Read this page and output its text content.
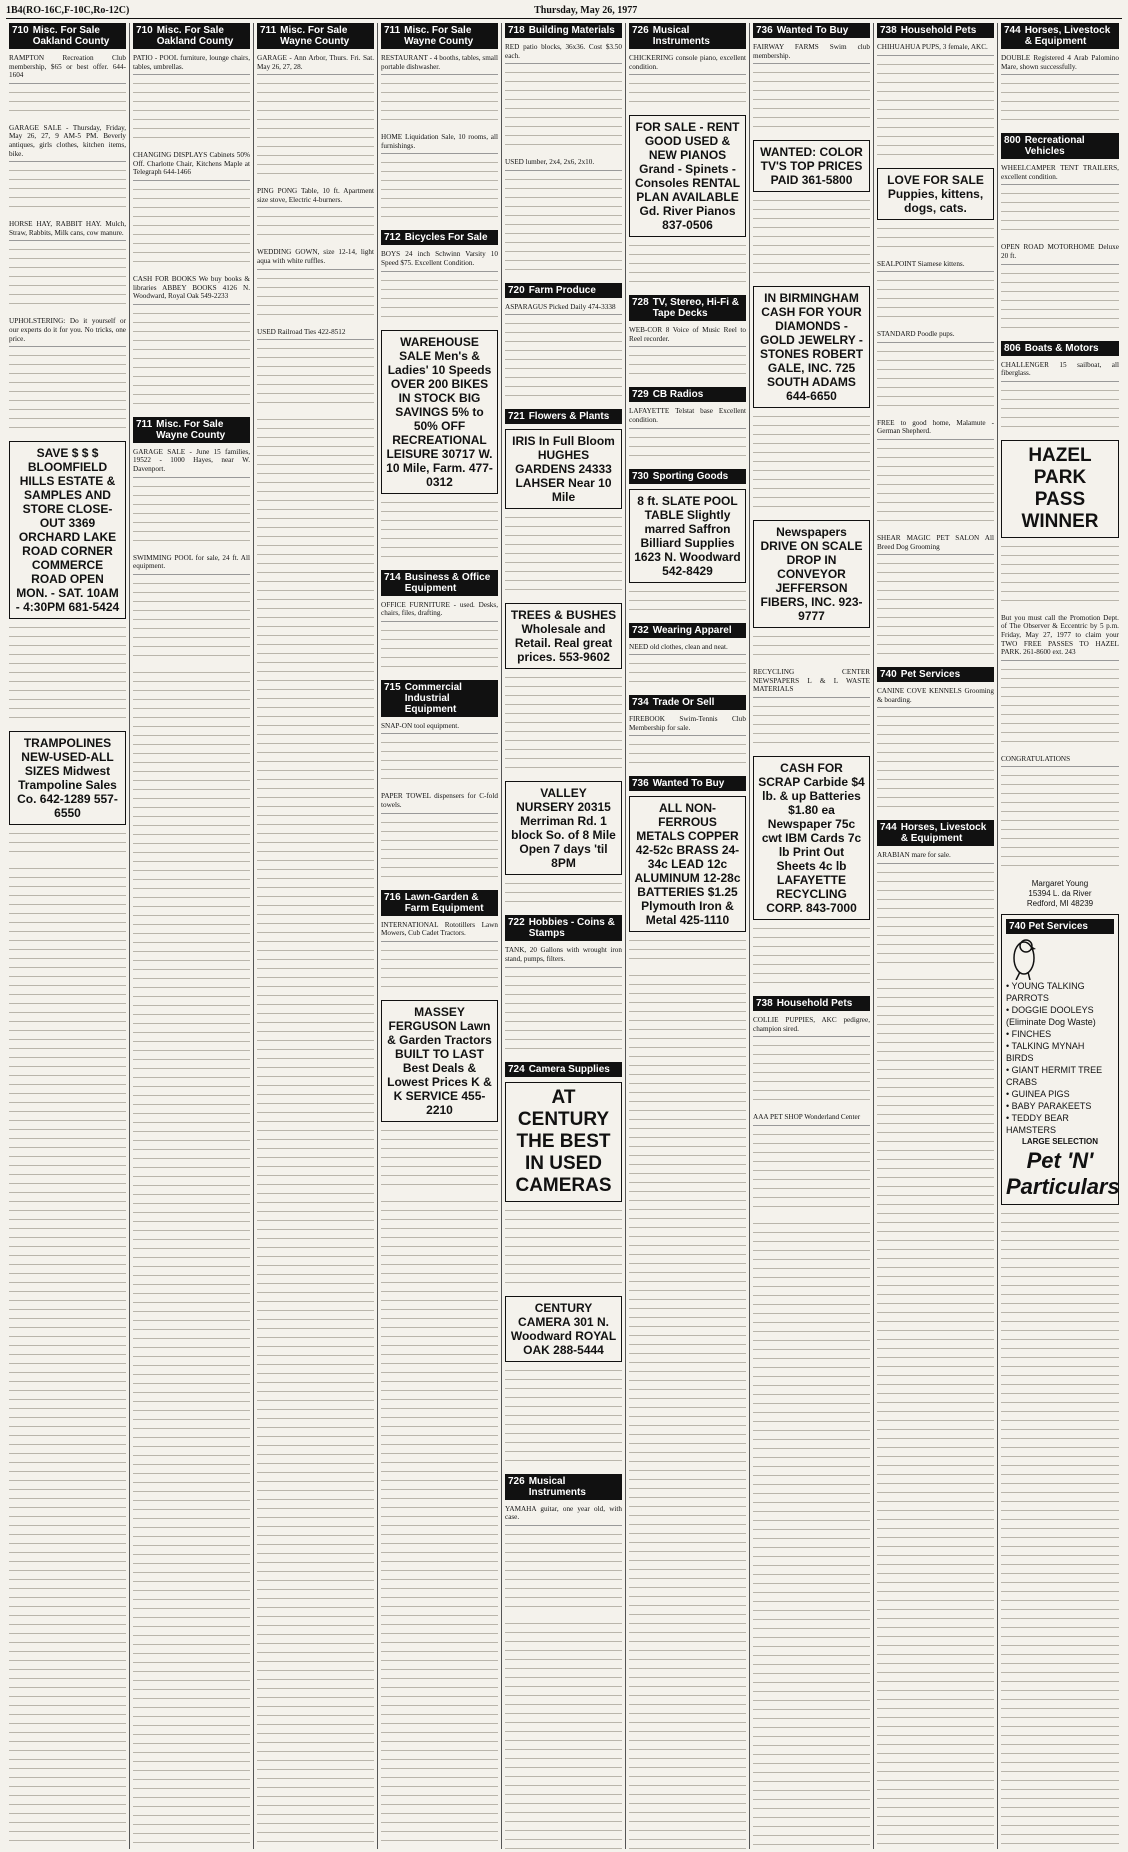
1B4(RO-16C,F-10C,Ro-12C)	Thursday, May 26, 1977
710 Misc. For Sale Oakland County
RAMPTON Recreation Club membership, $65 or best offer. 644-1604
GARAGE SALE - Thursday, Friday, May 26, 27, 9 AM-5 PM. Beverly antiques, girls clothes, kitchen items, bike.
HORSE HAY, RABBIT HAY. Mulch, Straw, Rabbits, Milk cans, cow manure.
UPHOLSTERING: Do it yourself or our experts do it for you. No tricks, one price.
SAVE $ $ $ BLOOMFIELD HILLS ESTATE & SAMPLES AND STORE CLOSE-OUT 3369 ORCHARD LAKE ROAD CORNER COMMERCE ROAD OPEN MON. - SAT. 10AM - 4:30PM 681-5424
TRAMPOLINES NEW-USED-ALL SIZES Midwest Trampoline Sales Co. 642-1289 557-6550
710 Misc. For Sale Oakland County
PATIO - POOL furniture, lounge chairs, tables, umbrellas.
CHANGING DISPLAYS Cabinets 50% Off. Charlotte Chair, Kitchens Maple at Telegraph 644-1466
CASH FOR BOOKS We buy books & libraries ABBEY BOOKS 4126 N. Woodward, Royal Oak 549-2233
711 Misc. For Sale Wayne County
GARAGE SALE - June 15 families, 19522 - 1000 Hayes, near W. Davenport.
SWIMMING POOL for sale, 24 ft. All equipment.
711 Misc. For Sale Wayne County
GARAGE - Ann Arbor, Thurs. Fri. Sat. May 26, 27, 28.
PING PONG Table, 10 ft. Apartment size stove, Electric 4-burners.
WEDDING GOWN, size 12-14, light aqua with white ruffles.
USED Railroad Ties 422-8512
711 Misc. For Sale Wayne County
RESTAURANT - 4 booths, tables, small portable dishwasher.
HOME Liquidation Sale, 10 rooms, all furnishings.
712 Bicycles For Sale
BOYS 24 inch Schwinn Varsity 10 Speed $75. Excellent Condition.
WAREHOUSE SALE Men's & Ladies' 10 Speeds OVER 200 BIKES IN STOCK BIG SAVINGS 5% to 50% OFF RECREATIONAL LEISURE 30717 W. 10 Mile, Farm. 477-0312
714 Business & Office Equipment
OFFICE FURNITURE - used. Desks, chairs, files, drafting.
715 Commercial Industrial Equipment
SNAP-ON tool equipment.
PAPER TOWEL dispensers for C-fold towels.
716 Lawn-Garden & Farm Equipment
INTERNATIONAL Rototillers Lawn Mowers, Cub Cadet Tractors.
MASSEY FERGUSON Lawn & Garden Tractors BUILT TO LAST Best Deals & Lowest Prices K & K SERVICE 455-2210
718 Building Materials
RED patio blocks, 36x36. Cost $3.50 each.
USED lumber, 2x4, 2x6, 2x10.
720 Farm Produce
ASPARAGUS Picked Daily 474-3338
721 Flowers & Plants
IRIS In Full Bloom HUGHES GARDENS 24333 LAHSER Near 10 Mile
TREES & BUSHES Wholesale and Retail. Real great prices. 553-9602
VALLEY NURSERY 20315 Merriman Rd. 1 block So. of 8 Mile Open 7 days 'til 8PM
722 Hobbies - Coins & Stamps
TANK, 20 Gallons with wrought iron stand, pumps, filters.
724 Camera Supplies
AT CENTURY THE BEST IN USED CAMERAS
CENTURY CAMERA 301 N. Woodward ROYAL OAK 288-5444
726 Musical Instruments
YAMAHA guitar, one year old, with case.
726 Musical Instruments
CHICKERING console piano, excellent condition.
FOR SALE - RENT GOOD USED & NEW PIANOS Grand - Spinets - Consoles RENTAL PLAN AVAILABLE Gd. River Pianos 837-0506
728 TV, Stereo, Hi-Fi & Tape Decks
WEB-COR 8 Voice of Music Reel to Reel recorder.
729 CB Radios
LAFAYETTE Telstat base Excellent condition.
730 Sporting Goods
8 ft. SLATE POOL TABLE Slightly marred Saffron Billiard Supplies 1623 N. Woodward 542-8429
732 Wearing Apparel
NEED old clothes, clean and neat.
734 Trade Or Sell
FIREBOOK Swim-Tennis Club Membership for sale.
736 Wanted To Buy
ALL NON-FERROUS METALS COPPER 42-52c BRASS 24-34c LEAD 12c ALUMINUM 12-28c BATTERIES $1.25 Plymouth Iron & Metal 425-1110
736 Wanted To Buy
FAIRWAY FARMS Swim club membership.
WANTED: COLOR TV'S TOP PRICES PAID 361-5800
IN BIRMINGHAM CASH FOR YOUR DIAMONDS - GOLD JEWELRY - STONES ROBERT GALE, INC. 725 SOUTH ADAMS 644-6650
Newspapers DRIVE ON SCALE DROP IN CONVEYOR JEFFERSON FIBERS, INC. 923-9777
RECYCLING CENTER NEWSPAPERS L & L WASTE MATERIALS
CASH FOR SCRAP Carbide $4 lb. & up Batteries $1.80 ea Newspaper 75c cwt IBM Cards 7c lb Print Out Sheets 4c lb LAFAYETTE RECYCLING CORP. 843-7000
738 Household Pets
COLLIE PUPPIES, AKC pedigree, champion sired.
AAA PET SHOP Wonderland Center
738 Household Pets
CHIHUAHUA PUPS, 3 female, AKC.
LOVE FOR SALE Puppies, kittens, dogs, cats.
SEALPOINT Siamese kittens.
STANDARD Poodle pups.
FREE to good home, Malamute - German Shepherd.
SHEAR MAGIC PET SALON All Breed Dog Grooming
740 Pet Services
CANINE COVE KENNELS Grooming & boarding.
744 Horses, Livestock & Equipment
ARABIAN mare for sale.
744 Horses, Livestock & Equipment
DOUBLE Registered 4 Arab Palomino Mare, shown successfully.
800 Recreational Vehicles
WHEELCAMPER TENT TRAILERS, excellent condition.
OPEN ROAD MOTORHOME Deluxe 20 ft.
806 Boats & Motors
CHALLENGER 15 sailboat, all fiberglass.
HAZEL PARK PASS WINNER
But you must call the Promotion Dept. of The Observer & Eccentric by 5 p.m. Friday, May 27, 1977 to claim your TWO FREE PASSES TO HAZEL PARK. 261-8600 ext. 243
CONGRATULATIONS
Margaret Young
15394 L. da River
Redford, MI 48239
740 Pet Services
• YOUNG TALKING PARROTS
• DOGGIE DOOLEYS (Eliminate Dog Waste)
• FINCHES
• TALKING MYNAH BIRDS
• GIANT HERMIT TREE CRABS
• GUINEA PIGS
• BABY PARAKEETS
• TEDDY BEAR HAMSTERS
LARGE SELECTION
Pet 'N' Particulars
